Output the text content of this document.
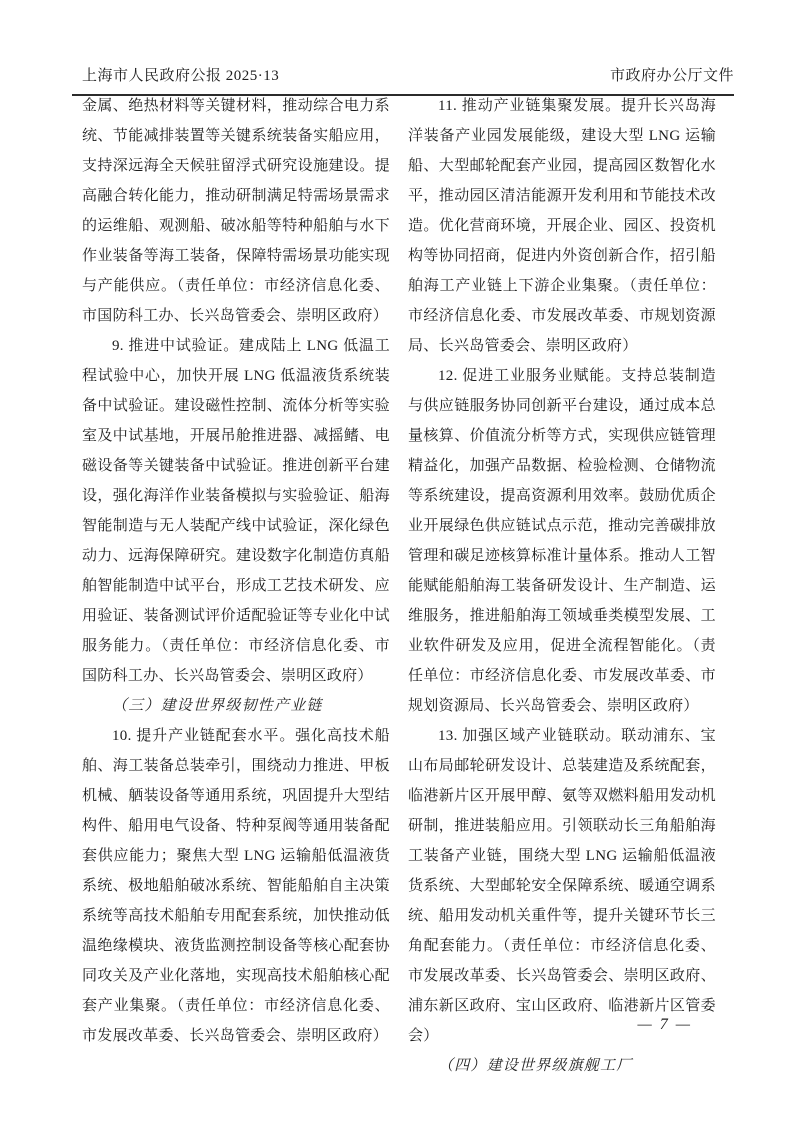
上海市人民政府公报 2025·13	市政府办公厅文件

金属、绝热材料等关键材料，推动综合电力系统、节能减排装置等关键系统装备实船应用，支持深远海全天候驻留浮式研究设施建设。提高融合转化能力，推动研制满足特需场景需求的运维船、观测船、破冰船等特种船舶与水下作业装备等海工装备，保障特需场景功能实现与产能供应。（责任单位：市经济信息化委、市国防科工办、长兴岛管委会、崇明区政府）

9. 推进中试验证。建成陆上 LNG 低温工程试验中心，加快开展 LNG 低温液货系统装备中试验证。建设磁性控制、流体分析等实验室及中试基地，开展吊舱推进器、减摇鳍、电磁设备等关键装备中试验证。推进创新平台建设，强化海洋作业装备模拟与实验验证、船海智能制造与无人装配产线中试验证，深化绿色动力、远海保障研究。建设数字化制造仿真船舶智能制造中试平台，形成工艺技术研发、应用验证、装备测试评价适配验证等专业化中试服务能力。（责任单位：市经济信息化委、市国防科工办、长兴岛管委会、崇明区政府）

（三）建设世界级韧性产业链

10. 提升产业链配套水平。强化高技术船舶、海工装备总装牵引，围绕动力推进、甲板机械、舾装设备等通用系统，巩固提升大型结构件、船用电气设备、特种泵阀等通用装备配套供应能力；聚焦大型 LNG 运输船低温液货系统、极地船舶破冰系统、智能船舶自主决策系统等高技术船舶专用配套系统，加快推动低温绝缘模块、液货监测控制设备等核心配套协同攻关及产业化落地，实现高技术船舶核心配套产业集聚。（责任单位：市经济信息化委、市发展改革委、长兴岛管委会、崇明区政府）

11. 推动产业链集聚发展。提升长兴岛海洋装备产业园发展能级，建设大型 LNG 运输船、大型邮轮配套产业园，提高园区数智化水平，推动园区清洁能源开发利用和节能技术改造。优化营商环境，开展企业、园区、投资机构等协同招商，促进内外资创新合作，招引船舶海工产业链上下游企业集聚。（责任单位：市经济信息化委、市发展改革委、市规划资源局、长兴岛管委会、崇明区政府）

12. 促进工业服务业赋能。支持总装制造与供应链服务协同创新平台建设，通过成本总量核算、价值流分析等方式，实现供应链管理精益化，加强产品数据、检验检测、仓储物流等系统建设，提高资源利用效率。鼓励优质企业开展绿色供应链试点示范，推动完善碳排放管理和碳足迹核算标准计量体系。推动人工智能赋能船舶海工装备研发设计、生产制造、运维服务，推进船舶海工领域垂类模型发展、工业软件研发及应用，促进全流程智能化。（责任单位：市经济信息化委、市发展改革委、市规划资源局、长兴岛管委会、崇明区政府）

13. 加强区域产业链联动。联动浦东、宝山布局邮轮研发设计、总装建造及系统配套，临港新片区开展甲醇、氨等双燃料船用发动机研制，推进装船应用。引领联动长三角船舶海工装备产业链，围绕大型 LNG 运输船低温液货系统、大型邮轮安全保障系统、暖通空调系统、船用发动机关重件等，提升关键环节长三角配套能力。（责任单位：市经济信息化委、市发展改革委、长兴岛管委会、崇明区政府、浦东新区政府、宝山区政府、临港新片区管委会）

（四）建设世界级旗舰工厂

— 7 —
